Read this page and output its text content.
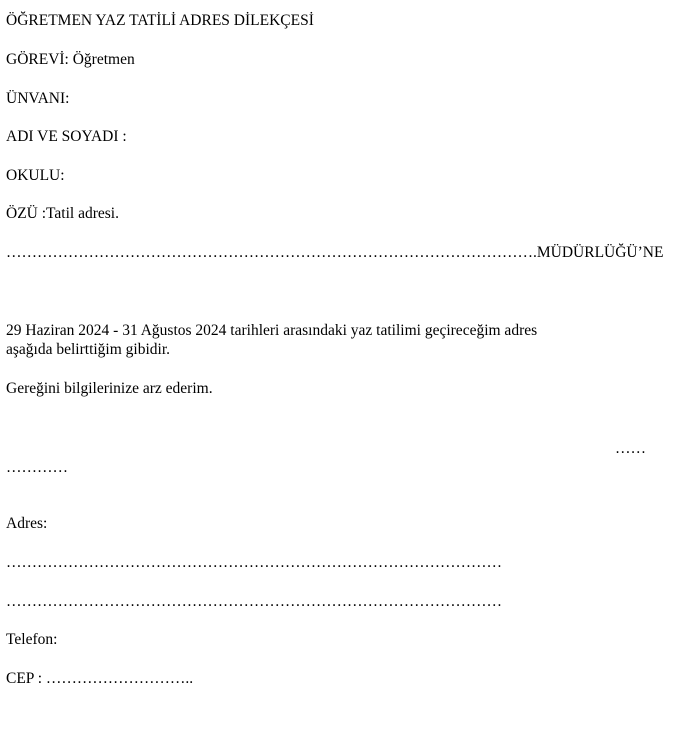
ÖĞRETMEN YAZ TATİLİ ADRES DİLEKÇESİ
GÖREVİ: Öğretmen
ÜNVANI:
ADI VE SOYADI :
OKULU:
ÖZÜ :Tatil adresi.
………………………………………………………………………………………….MÜDÜRLÜĞÜ’NE
29 Haziran 2024 - 31 Ağustos 2024 tarihleri arasındaki yaz tatilimi geçireceğim adres
aşağıda belirttiğim gibidir.
Gereğini bilgilerinize arz ederim.
……
…………
Adres:
……………………………………………………………………………………
……………………………………………………………………………………
Telefon:
CEP : ………………………..
